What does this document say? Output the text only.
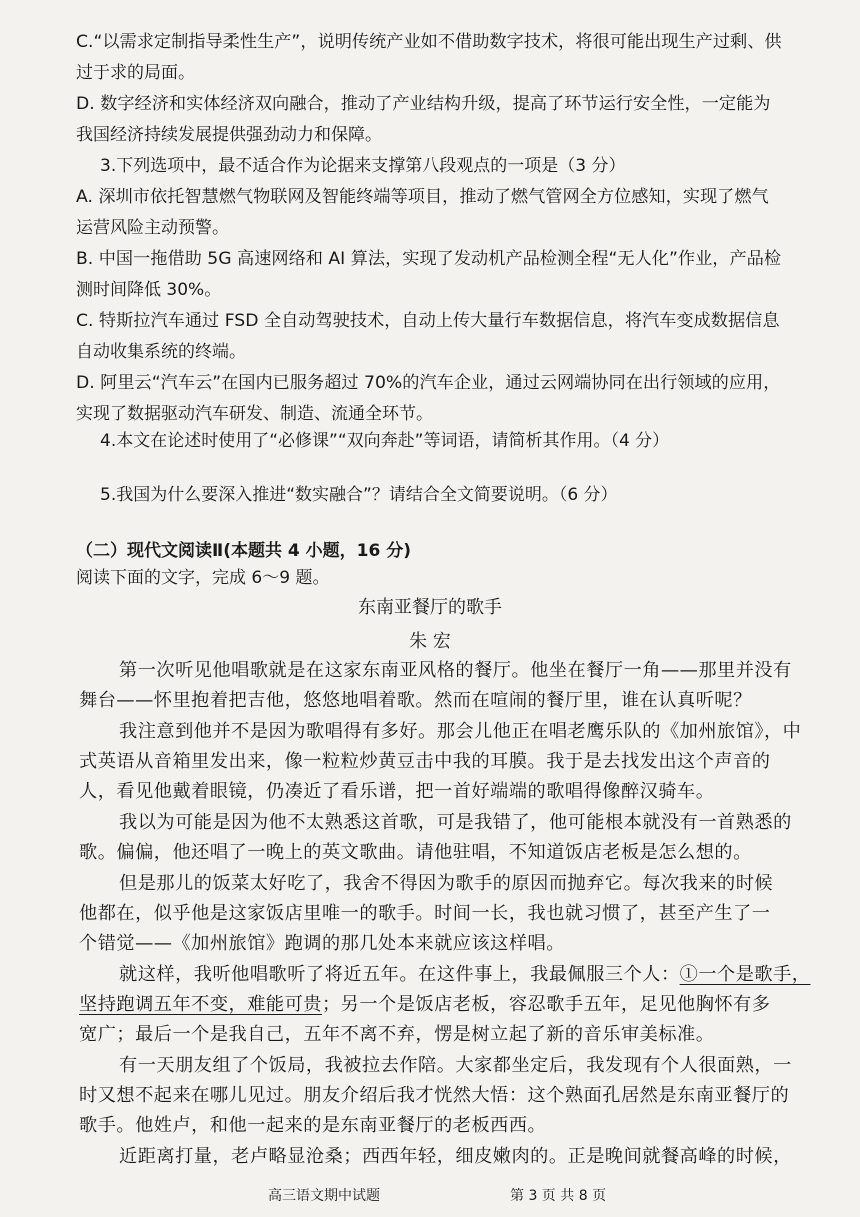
C.“以需求定制指导柔性生产”，说明传统产业如不借助数字技术，将很可能出现生产过剩、供
过于求的局面。
D. 数字经济和实体经济双向融合，推动了产业结构升级，提高了环节运行安全性，一定能为
我国经济持续发展提供强劲动力和保障。
3.下列选项中，最不适合作为论据来支撑第八段观点的一项是（3 分）
A. 深圳市依托智慧燃气物联网及智能终端等项目，推动了燃气管网全方位感知，实现了燃气
运营风险主动预警。
B. 中国一拖借助 5G 高速网络和 AI 算法，实现了发动机产品检测全程“无人化”作业，产品检
测时间降低 30%。
C. 特斯拉汽车通过 FSD 全自动驾驶技术，自动上传大量行车数据信息，将汽车变成数据信息
自动收集系统的终端。
D. 阿里云“汽车云”在国内已服务超过 70%的汽车企业，通过云网端协同在出行领域的应用，
实现了数据驱动汽车研发、制造、流通全环节。
4.本文在论述时使用了“必修课”“双向奔赴”等词语，请简析其作用。（4 分）
5.我国为什么要深入推进“数实融合”？请结合全文简要说明。（6 分）
（二）现代文阅读Ⅱ(本题共 4 小题，16 分)
阅读下面的文字，完成 6～9 题。
东南亚餐厅的歌手
朱 宏
第一次听见他唱歌就是在这家东南亚风格的餐厅。他坐在餐厅一角——那里并没有
舞台——怀里抱着把吉他，悠悠地唱着歌。然而在喧闹的餐厅里，谁在认真听呢？
我注意到他并不是因为歌唱得有多好。那会儿他正在唱老鹰乐队的《加州旅馆》，中
式英语从音箱里发出来，像一粒粒炒黄豆击中我的耳膜。我于是去找发出这个声音的
人，看见他戴着眼镜，仍凑近了看乐谱，把一首好端端的歌唱得像醉汉骑车。
我以为可能是因为他不太熟悉这首歌，可是我错了，他可能根本就没有一首熟悉的
歌。偏偏，他还唱了一晚上的英文歌曲。请他驻唱，不知道饭店老板是怎么想的。
但是那儿的饭菜太好吃了，我舍不得因为歌手的原因而抛弃它。每次我来的时候
他都在，似乎他是这家饭店里唯一的歌手。时间一长，我也就习惯了，甚至产生了一
个错觉——《加州旅馆》跑调的那几处本来就应该这样唱。
就这样，我听他唱歌听了将近五年。在这件事上，我最佩服三个人：①一个是歌手，
坚持跑调五年不变，难能可贵；另一个是饭店老板，容忍歌手五年，足见他胸怀有多
宽广；最后一个是我自己，五年不离不弃，愣是树立起了新的音乐审美标准。
有一天朋友组了个饭局，我被拉去作陪。大家都坐定后，我发现有个人很面熟，一
时又想不起来在哪儿见过。朋友介绍后我才恍然大悟：这个熟面孔居然是东南亚餐厅的
歌手。他姓卢，和他一起来的是东南亚餐厅的老板西西。
近距离打量，老卢略显沧桑；西西年轻，细皮嫩肉的。正是晚间就餐高峰的时候，
高三语文期中试题	第 3 页 共 8 页
